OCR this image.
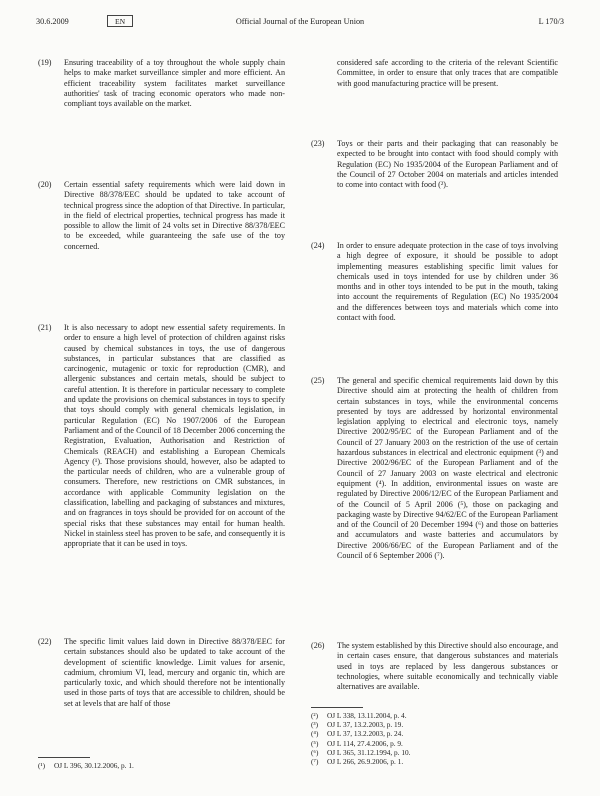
30.6.2009	EN	Official Journal of the European Union	L 170/3
(19)	Ensuring traceability of a toy throughout the whole supply chain helps to make market surveillance simpler and more efficient. An efficient traceability system facilitates market surveillance authorities' task of tracing economic operators who made non-compliant toys available on the market.
(20)	Certain essential safety requirements which were laid down in Directive 88/378/EEC should be updated to take account of technical progress since the adoption of that Directive. In particular, in the field of electrical properties, technical progress has made it possible to allow the limit of 24 volts set in Directive 88/378/EEC to be exceeded, while guaranteeing the safe use of the toy concerned.
(21)	It is also necessary to adopt new essential safety requirements. In order to ensure a high level of protection of children against risks caused by chemical substances in toys, the use of dangerous substances, in particular substances that are classified as carcinogenic, mutagenic or toxic for reproduction (CMR), and allergenic substances and certain metals, should be subject to careful attention. It is therefore in particular necessary to complete and update the provisions on chemical substances in toys to specify that toys should comply with general chemicals legislation, in particular Regulation (EC) No 1907/2006 of the European Parliament and of the Council of 18 December 2006 concerning the Registration, Evaluation, Authorisation and Restriction of Chemicals (REACH) and establishing a European Chemicals Agency (¹). Those provisions should, however, also be adapted to the particular needs of children, who are a vulnerable group of consumers. Therefore, new restrictions on CMR substances, in accordance with applicable Community legislation on the classification, labelling and packaging of substances and mixtures, and on fragrances in toys should be provided for on account of the special risks that these substances may entail for human health. Nickel in stainless steel has proven to be safe, and consequently it is appropriate that it can be used in toys.
(22)	The specific limit values laid down in Directive 88/378/EEC for certain substances should also be updated to take account of the development of scientific knowledge. Limit values for arsenic, cadmium, chromium VI, lead, mercury and organic tin, which are particularly toxic, and which should therefore not be intentionally used in those parts of toys that are accessible to children, should be set at levels that are half of those
(¹)	OJ L 396, 30.12.2006, p. 1.
considered safe according to the criteria of the relevant Scientific Committee, in order to ensure that only traces that are compatible with good manufacturing practice will be present.
(23)	Toys or their parts and their packaging that can reasonably be expected to be brought into contact with food should comply with Regulation (EC) No 1935/2004 of the European Parliament and of the Council of 27 October 2004 on materials and articles intended to come into contact with food (²).
(24)	In order to ensure adequate protection in the case of toys involving a high degree of exposure, it should be possible to adopt implementing measures establishing specific limit values for chemicals used in toys intended for use by children under 36 months and in other toys intended to be put in the mouth, taking into account the requirements of Regulation (EC) No 1935/2004 and the differences between toys and materials which come into contact with food.
(25)	The general and specific chemical requirements laid down by this Directive should aim at protecting the health of children from certain substances in toys, while the environmental concerns presented by toys are addressed by horizontal environmental legislation applying to electrical and electronic toys, namely Directive 2002/95/EC of the European Parliament and of the Council of 27 January 2003 on the restriction of the use of certain hazardous substances in electrical and electronic equipment (³) and Directive 2002/96/EC of the European Parliament and of the Council of 27 January 2003 on waste electrical and electronic equipment (⁴). In addition, environmental issues on waste are regulated by Directive 2006/12/EC of the European Parliament and of the Council of 5 April 2006 (⁵), those on packaging and packaging waste by Directive 94/62/EC of the European Parliament and of the Council of 20 December 1994 (⁶) and those on batteries and accumulators and waste batteries and accumulators by Directive 2006/66/EC of the European Parliament and of the Council of 6 September 2006 (⁷).
(26)	The system established by this Directive should also encourage, and in certain cases ensure, that dangerous substances and materials used in toys are replaced by less dangerous substances or technologies, where suitable economically and technically viable alternatives are available.
(²)	OJ L 338, 13.11.2004, p. 4.
(³)	OJ L 37, 13.2.2003, p. 19.
(⁴)	OJ L 37, 13.2.2003, p. 24.
(⁵)	OJ L 114, 27.4.2006, p. 9.
(⁶)	OJ L 365, 31.12.1994, p. 10.
(⁷)	OJ L 266, 26.9.2006, p. 1.
